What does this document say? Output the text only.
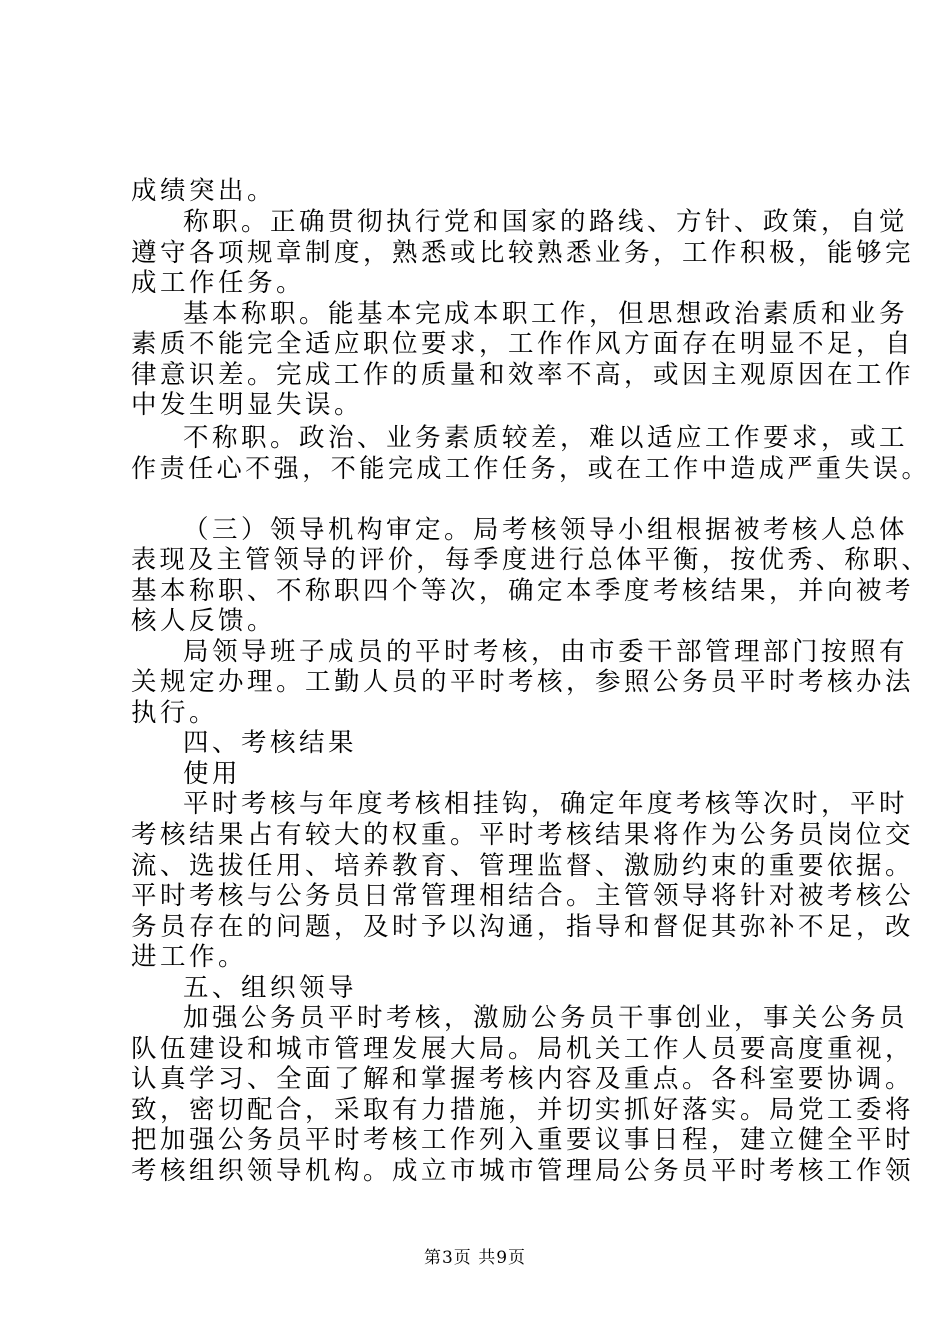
成绩突出。
称职。正确贯彻执行党和国家的路线、方针、政策，自觉
遵守各项规章制度，熟悉或比较熟悉业务，工作积极，能够完
成工作任务。
基本称职。能基本完成本职工作，但思想政治素质和业务
素质不能完全适应职位要求，工作作风方面存在明显不足，自
律意识差。完成工作的质量和效率不高，或因主观原因在工作
中发生明显失误。
不称职。政治、业务素质较差，难以适应工作要求，或工
作责任心不强，不能完成工作任务，或在工作中造成严重失误。
（三）领导机构审定。局考核领导小组根据被考核人总体
表现及主管领导的评价，每季度进行总体平衡，按优秀、称职、
基本称职、不称职四个等次，确定本季度考核结果，并向被考
核人反馈。
局领导班子成员的平时考核，由市委干部管理部门按照有
关规定办理。工勤人员的平时考核，参照公务员平时考核办法
执行。
四、考核结果
使用
平时考核与年度考核相挂钩，确定年度考核等次时，平时
考核结果占有较大的权重。平时考核结果将作为公务员岗位交
流、选拔任用、培养教育、管理监督、激励约束的重要依据。
平时考核与公务员日常管理相结合。主管领导将针对被考核公
务员存在的问题，及时予以沟通，指导和督促其弥补不足，改
进工作。
五、组织领导
加强公务员平时考核，激励公务员干事创业，事关公务员
队伍建设和城市管理发展大局。局机关工作人员要高度重视，
认真学习、全面了解和掌握考核内容及重点。各科室要协调。
致，密切配合，采取有力措施，并切实抓好落实。局党工委将
把加强公务员平时考核工作列入重要议事日程，建立健全平时
考核组织领导机构。成立市城市管理局公务员平时考核工作领
第3页 共9页
